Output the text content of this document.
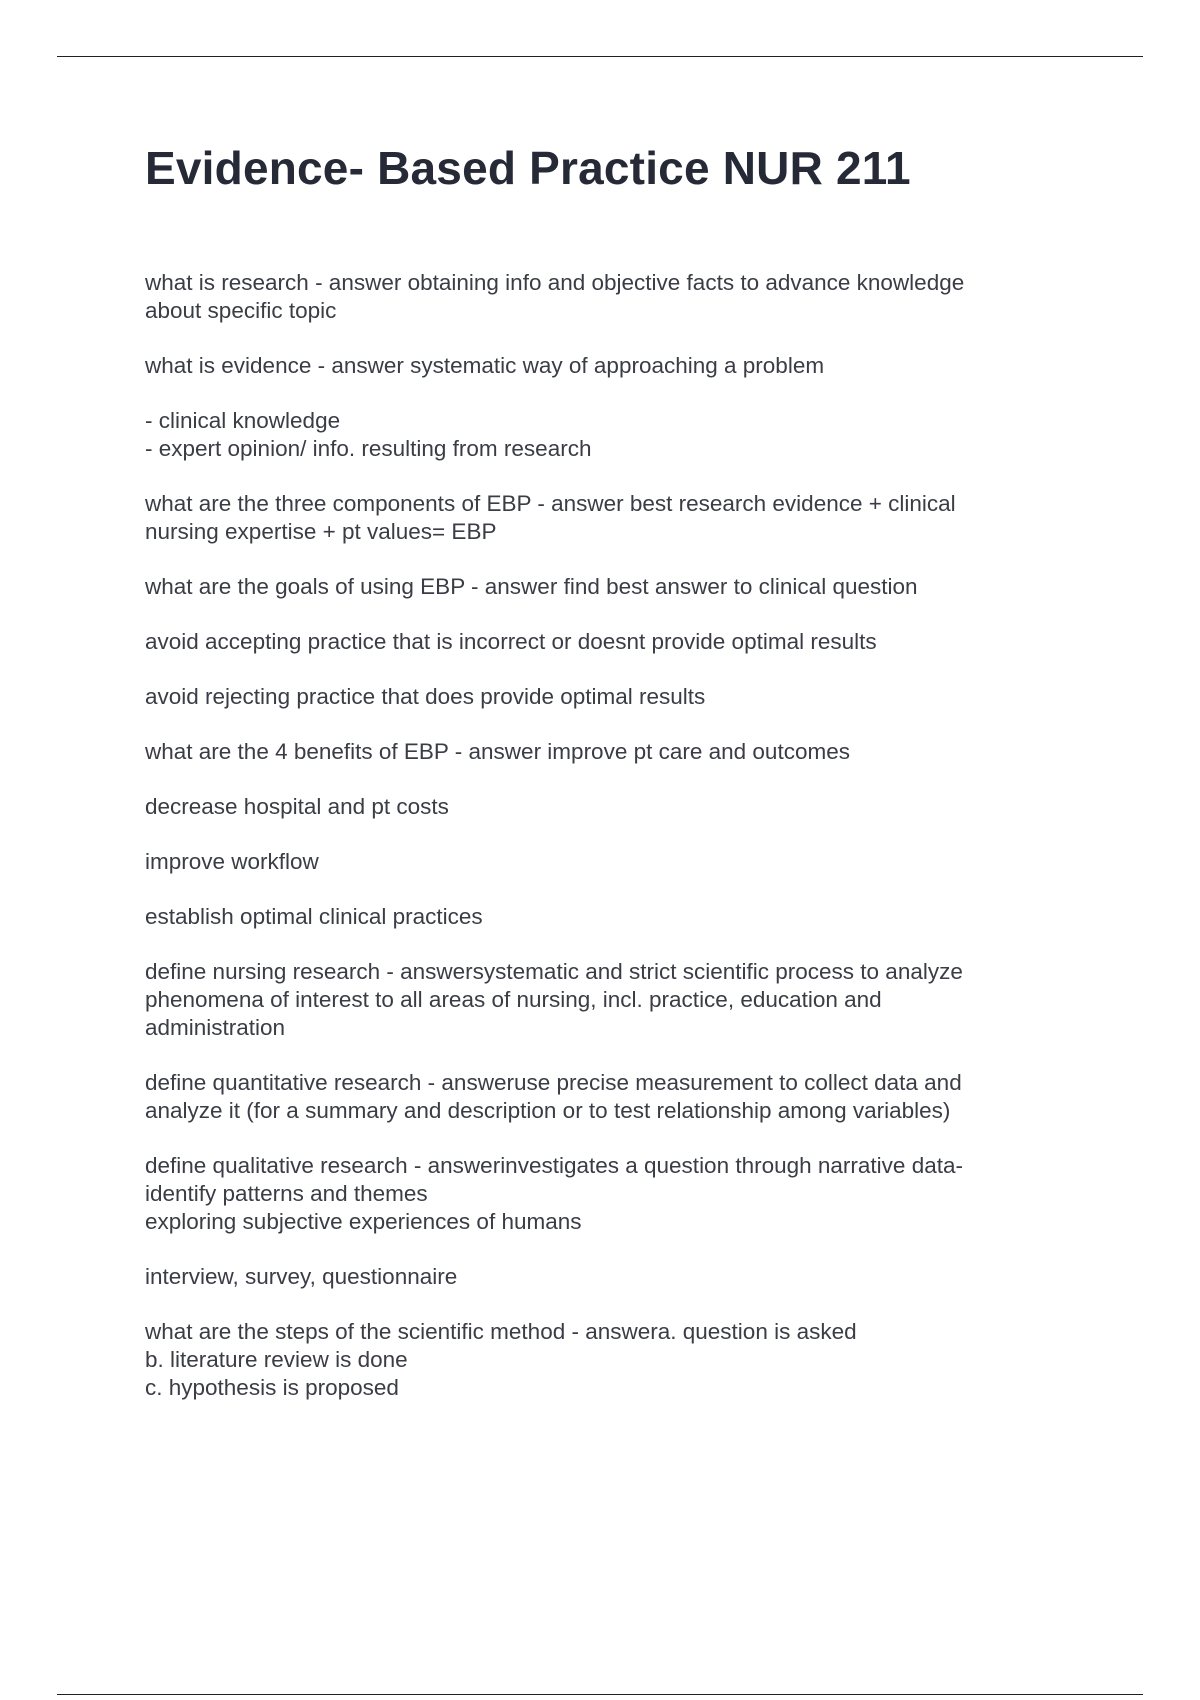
Evidence- Based Practice NUR 211

what is research - answer obtaining info and objective facts to advance knowledge
about specific topic

what is evidence - answer systematic way of approaching a problem

- clinical knowledge
- expert opinion/ info. resulting from research

what are the three components of EBP - answer best research evidence + clinical
nursing expertise + pt values= EBP

what are the goals of using EBP - answer find best answer to clinical question

avoid accepting practice that is incorrect or doesnt provide optimal results

avoid rejecting practice that does provide optimal results

what are the 4 benefits of EBP - answer improve pt care and outcomes

decrease hospital and pt costs

improve workflow

establish optimal clinical practices

define nursing research - answersystematic and strict scientific process to analyze
phenomena of interest to all areas of nursing, incl. practice, education and
administration

define quantitative research - answeruse precise measurement to collect data and
analyze it (for a summary and description or to test relationship among variables)

define qualitative research - answerinvestigates a question through narrative data-
identify patterns and themes
exploring subjective experiences of humans

interview, survey, questionnaire

what are the steps of the scientific method - answera. question is asked
b. literature review is done
c. hypothesis is proposed
